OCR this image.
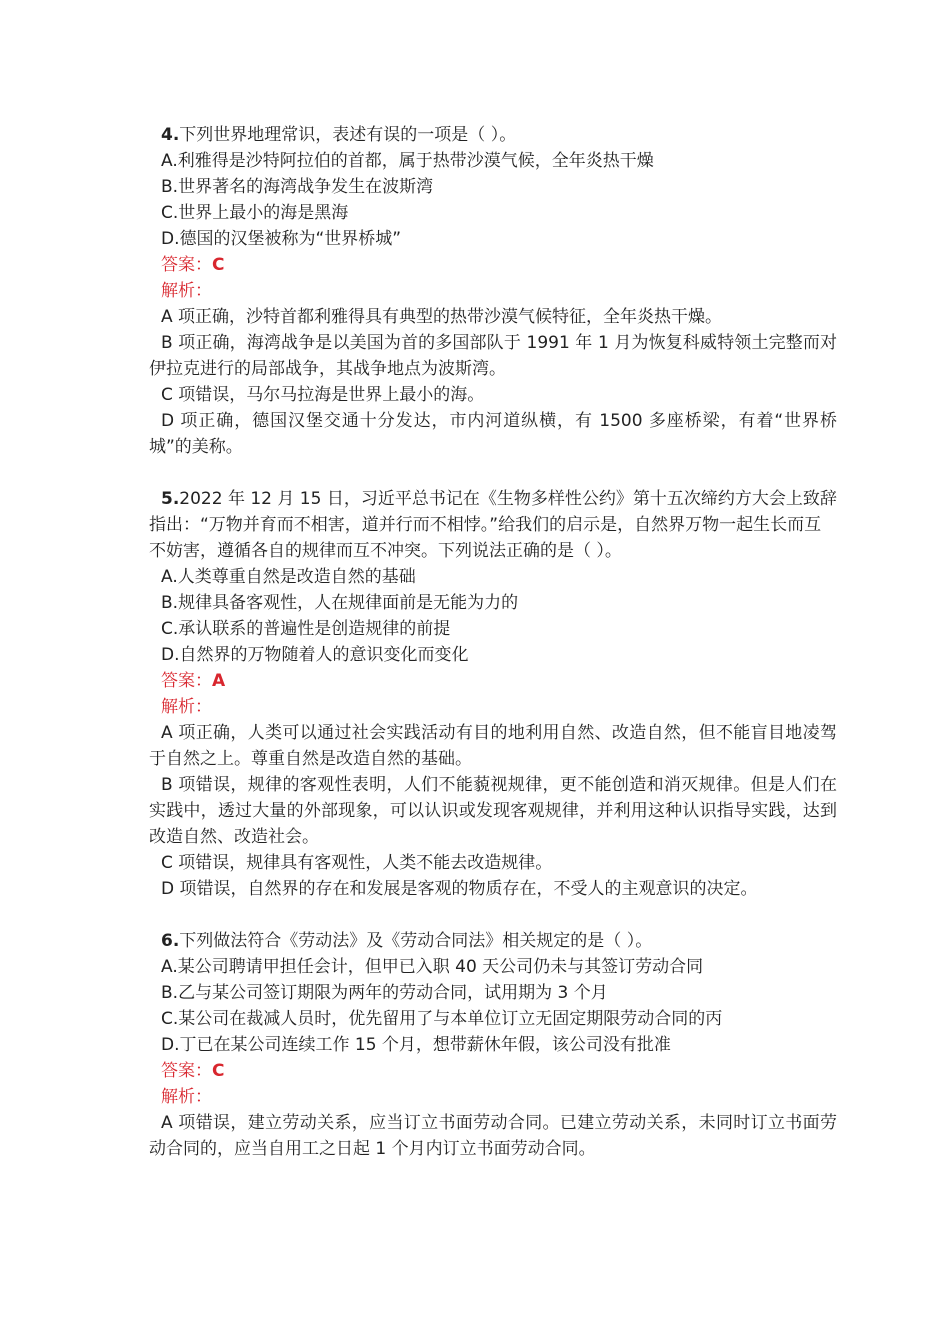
4.下列世界地理常识，表述有误的一项是（ ）。
A.利雅得是沙特阿拉伯的首都，属于热带沙漠气候，全年炎热干燥
B.世界著名的海湾战争发生在波斯湾
C.世界上最小的海是黑海
D.德国的汉堡被称为“世界桥城”
答案：C
解析：
A 项正确，沙特首都利雅得具有典型的热带沙漠气候特征，全年炎热干燥。
B 项正确，海湾战争是以美国为首的多国部队于 1991 年 1 月为恢复科威特领土完整而对伊拉克进行的局部战争，其战争地点为波斯湾。
C 项错误，马尔马拉海是世界上最小的海。
D 项正确，德国汉堡交通十分发达，市内河道纵横，有 1500 多座桥梁，有着“世界桥城”的美称。
5.2022 年 12 月 15 日，习近平总书记在《生物多样性公约》第十五次缔约方大会上致辞指出：“万物并育而不相害，道并行而不相悖。”给我们的启示是，自然界万物一起生长而互不妨害，遵循各自的规律而互不冲突。下列说法正确的是（ ）。
A.人类尊重自然是改造自然的基础
B.规律具备客观性，人在规律面前是无能为力的
C.承认联系的普遍性是创造规律的前提
D.自然界的万物随着人的意识变化而变化
答案：A
解析：
A 项正确，人类可以通过社会实践活动有目的地利用自然、改造自然，但不能盲目地凌驾于自然之上。尊重自然是改造自然的基础。
B 项错误，规律的客观性表明，人们不能藐视规律，更不能创造和消灭规律。但是人们在实践中，透过大量的外部现象，可以认识或发现客观规律，并利用这种认识指导实践，达到改造自然、改造社会。
C 项错误，规律具有客观性，人类不能去改造规律。
D 项错误，自然界的存在和发展是客观的物质存在，不受人的主观意识的决定。
6.下列做法符合《劳动法》及《劳动合同法》相关规定的是（ ）。
A.某公司聘请甲担任会计，但甲已入职 40 天公司仍未与其签订劳动合同
B.乙与某公司签订期限为两年的劳动合同，试用期为 3 个月
C.某公司在裁减人员时，优先留用了与本单位订立无固定期限劳动合同的丙
D.丁已在某公司连续工作 15 个月，想带薪休年假，该公司没有批准
答案：C
解析：
A 项错误，建立劳动关系，应当订立书面劳动合同。已建立劳动关系，未同时订立书面劳动合同的，应当自用工之日起 1 个月内订立书面劳动合同。
